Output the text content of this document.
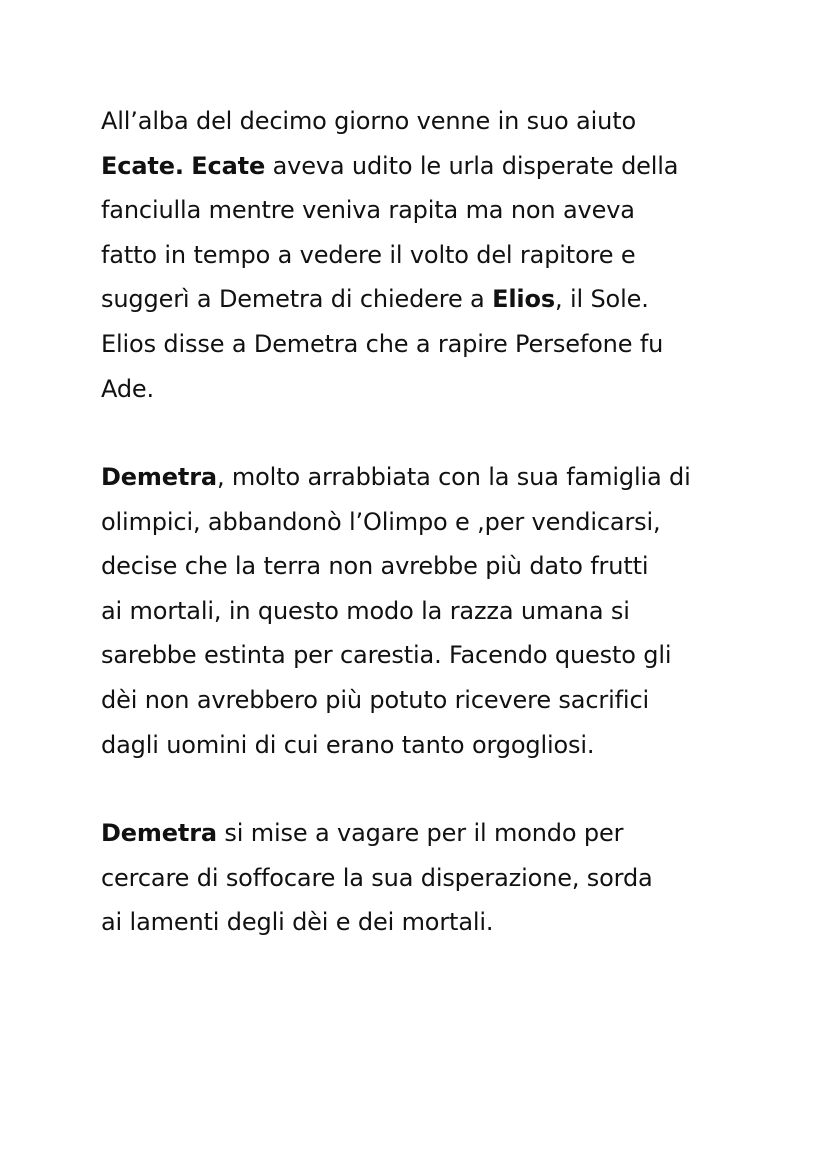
All’alba del decimo giorno venne in suo aiuto
Ecate. Ecate aveva udito le urla disperate della
fanciulla mentre veniva rapita ma non aveva
fatto in tempo a vedere il volto del rapitore e
suggerì a Demetra di chiedere a Elios, il Sole.
Elios disse a Demetra che a rapire Persefone fu
Ade.
Demetra, molto arrabbiata con la sua famiglia di
olimpici, abbandonò l’Olimpo e ,per vendicarsi,
decise che la terra non avrebbe più dato frutti
ai mortali, in questo modo la razza umana si
sarebbe estinta per carestia. Facendo questo gli
dèi non avrebbero più potuto ricevere sacrifici
dagli uomini di cui erano tanto orgogliosi.
Demetra si mise a vagare per il mondo per
cercare di soffocare la sua disperazione, sorda
ai lamenti degli dèi e dei mortali.
